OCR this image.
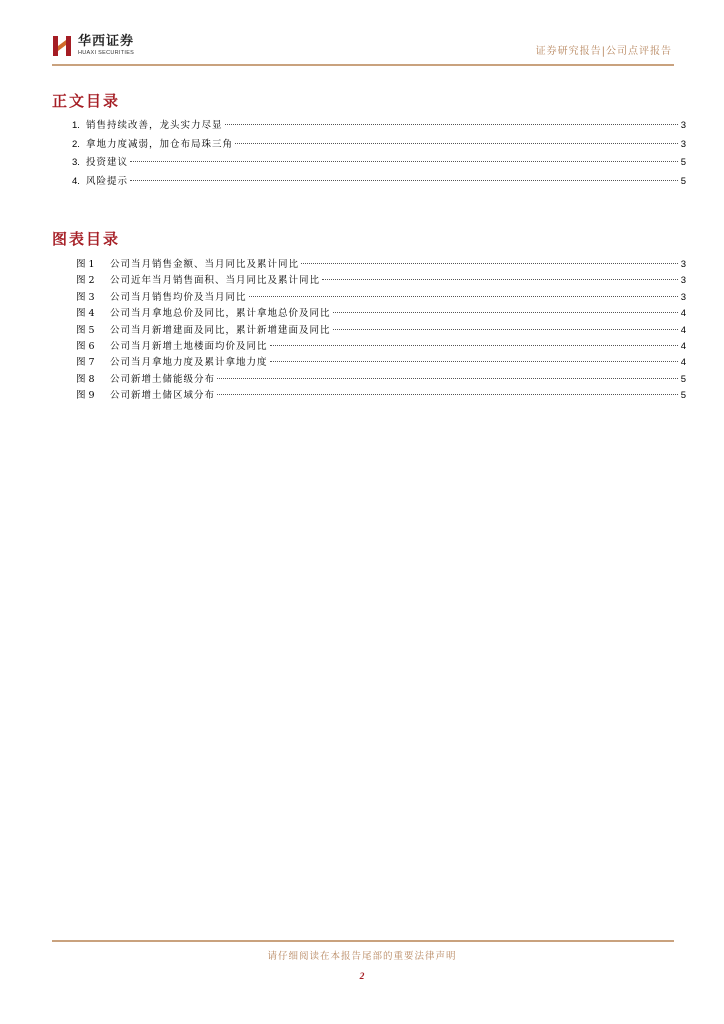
华西证券
HUAXI SECURITIES	证券研究报告|公司点评报告
正文目录
1. 销售持续改善，龙头实力尽显	3
2. 拿地力度减弱，加仓布局珠三角	3
3. 投资建议	5
4. 风险提示	5
图表目录
图 1	公司当月销售金额、当月同比及累计同比	3
图 2	公司近年当月销售面积、当月同比及累计同比	3
图 3	公司当月销售均价及当月同比	3
图 4	公司当月拿地总价及同比，累计拿地总价及同比	4
图 5	公司当月新增建面及同比，累计新增建面及同比	4
图 6	公司当月新增土地楼面均价及同比	4
图 7	公司当月拿地力度及累计拿地力度	4
图 8	公司新增土储能级分布	5
图 9	公司新增土储区域分布	5
请仔细阅读在本报告尾部的重要法律声明
2
